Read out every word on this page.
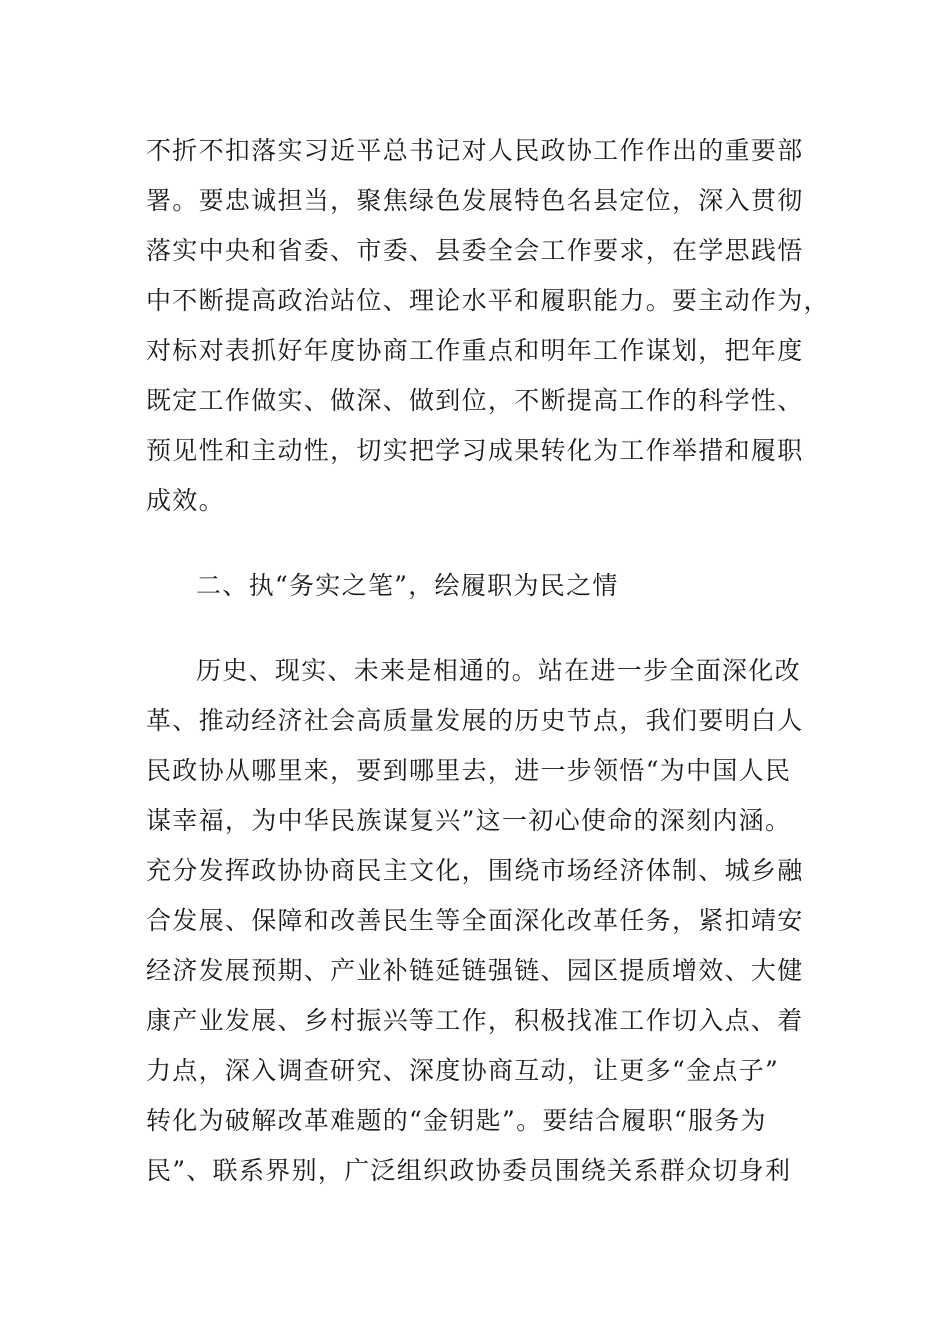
不折不扣落实习近平总书记对人民政协工作作出的重要部
署。要忠诚担当，聚焦绿色发展特色名县定位，深入贯彻
落实中央和省委、市委、县委全会工作要求，在学思践悟
中不断提高政治站位、理论水平和履职能力。要主动作为，
对标对表抓好年度协商工作重点和明年工作谋划，把年度
既定工作做实、做深、做到位，不断提高工作的科学性、
预见性和主动性，切实把学习成果转化为工作举措和履职
成效。
二、执“务实之笔”，绘履职为民之情
历史、现实、未来是相通的。站在进一步全面深化改
革、推动经济社会高质量发展的历史节点，我们要明白人
民政协从哪里来，要到哪里去，进一步领悟“为中国人民
谋幸福，为中华民族谋复兴”这一初心使命的深刻内涵。
充分发挥政协协商民主文化，围绕市场经济体制、城乡融
合发展、保障和改善民生等全面深化改革任务，紧扣靖安
经济发展预期、产业补链延链强链、园区提质增效、大健
康产业发展、乡村振兴等工作，积极找准工作切入点、着
力点，深入调查研究、深度协商互动，让更多“金点子”
转化为破解改革难题的“金钥匙”。要结合履职“服务为
民”、联系界别，广泛组织政协委员围绕关系群众切身利
